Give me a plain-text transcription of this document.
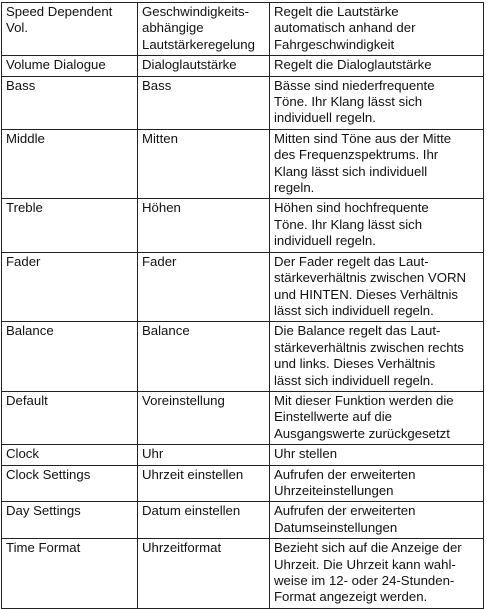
Speed Dependent
Vol.	Geschwindigkeits-
abhängige
Lautstärkeregelung	Regelt die Lautstärke
automatisch anhand der
Fahrgeschwindigkeit

Volume Dialogue	Dialoglautstärke	Regelt die Dialoglautstärke

Bass	Bass	Bässe sind niederfrequente
Töne. Ihr Klang lässt sich
individuell regeln.

Middle	Mitten	Mitten sind Töne aus der Mitte
des Frequenzspektrums. Ihr
Klang lässt sich individuell
regeln.

Treble	Höhen	Höhen sind hochfrequente
Töne. Ihr Klang lässt sich
individuell regeln.

Fader	Fader	Der Fader regelt das Laut-
stärkeverhältnis zwischen VORN
und HINTEN. Dieses Verhältnis
lässt sich individuell regeln.

Balance	Balance	Die Balance regelt das Laut-
stärkeverhältnis zwischen rechts
und links. Dieses Verhältnis
lässt sich individuell regeln.

Default	Voreinstellung	Mit dieser Funktion werden die
Einstellwerte auf die
Ausgangswerte zurückgesetzt

Clock	Uhr	Uhr stellen

Clock Settings	Uhrzeit einstellen	Aufrufen der erweiterten
Uhrzeiteinstellungen

Day Settings	Datum einstellen	Aufrufen der erweiterten
Datumseinstellungen

Time Format	Uhrzeitformat	Bezieht sich auf die Anzeige der
Uhrzeit. Die Uhrzeit kann wahl-
weise im 12- oder 24-Stunden-
Format angezeigt werden.
